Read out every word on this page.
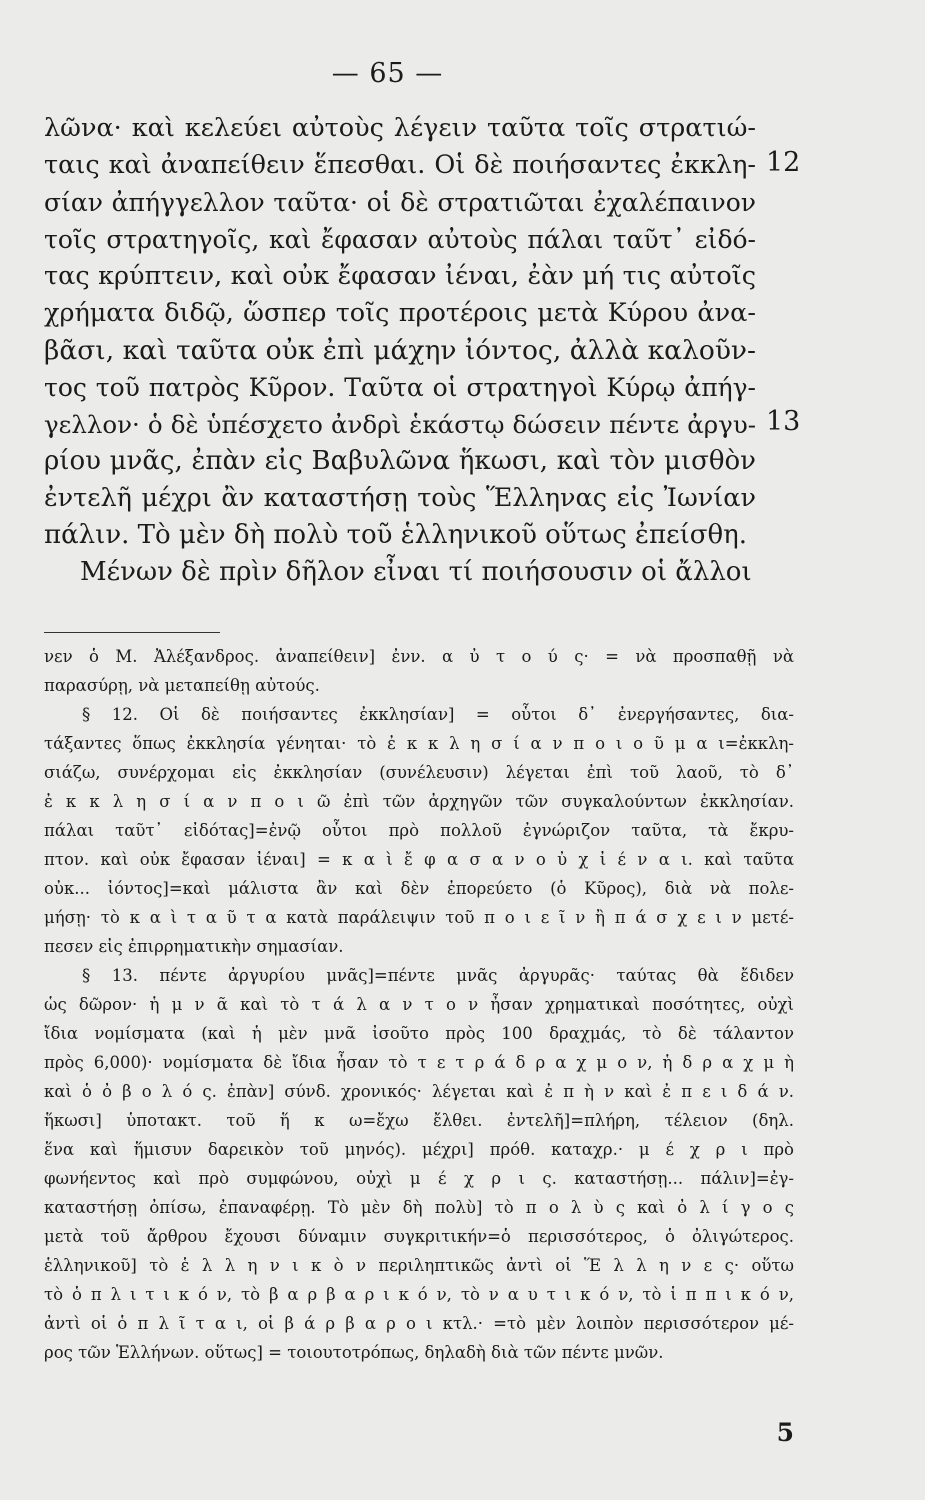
— 65 —
λῶνα· καὶ κελεύει αὐτοὺς λέγειν ταῦτα τοῖς στρατιώ-
ταις καὶ ἀναπείθειν ἕπεσθαι. Οἱ δὲ ποιήσαντες ἐκκλη-
σίαν ἀπήγγελλον ταῦτα· οἱ δὲ στρατιῶται ἐχαλέπαινον
τοῖς στρατηγοῖς, καὶ ἔφασαν αὐτοὺς πάλαι ταῦτ᾽ εἰδό-
τας κρύπτειν, καὶ οὐκ ἔφασαν ἰέναι, ἐὰν μή τις αὐτοῖς
χρήματα διδῷ, ὥσπερ τοῖς προτέροις μετὰ Κύρου ἀνα-
βᾶσι, καὶ ταῦτα οὐκ ἐπὶ μάχην ἰόντος, ἀλλὰ καλοῦν-
τος τοῦ πατρὸς Κῦρον. Ταῦτα οἱ στρατηγοὶ Κύρῳ ἀπήγ-
γελλον· ὁ δὲ ὑπέσχετο ἀνδρὶ ἑκάστῳ δώσειν πέντε ἀργυ-
ρίου μνᾶς, ἐπὰν εἰς Βαβυλῶνα ἥκωσι, καὶ τὸν μισθὸν
ἐντελῆ μέχρι ἂν καταστήσῃ τοὺς Ἕλληνας εἰς Ἰωνίαν
πάλιν. Τὸ μὲν δὴ πολὺ τοῦ ἑλληνικοῦ οὕτως ἐπείσθη.
Μένων δὲ πρὶν δῆλον εἶναι τί ποιήσουσιν οἱ ἄλλοι
12
13
νεν ὁ Μ. Ἀλέξανδρος. ἀναπείθειν] ἐνν. α ὐ τ ο ύ ς· = νὰ προσπαθῇ νὰ
παρασύρῃ, νὰ μεταπείθῃ αὐτούς.
§ 12. Οἱ δὲ ποιήσαντες ἐκκλησίαν] = οὗτοι δ᾽ ἐνεργήσαντες, δια-
τάξαντες ὅπως ἐκκλησία γένηται· τὸ ἐ κ κ λ η σ ί α ν π ο ι ο ῦ μ α ι=ἐκκλη-
σιάζω, συνέρχομαι εἰς ἐκκλησίαν (συνέλευσιν) λέγεται ἐπὶ τοῦ λαοῦ, τὸ δ᾽
ἐ κ κ λ η σ ί α ν π ο ι ῶ ἐπὶ τῶν ἀρχηγῶν τῶν συγκαλούντων ἐκκλησίαν.
πάλαι ταῦτ᾽ εἰδότας]=ἐνῷ οὗτοι πρὸ πολλοῦ ἐγνώριζον ταῦτα, τὰ ἔκρυ-
πτον. καὶ οὐκ ἔφασαν ἰέναι] = κ α ὶ ἔ φ α σ α ν ο ὐ χ ἰ έ ν α ι. καὶ ταῦτα
οὐκ... ἰόντος]=καὶ μάλιστα ἂν καὶ δὲν ἐπορεύετο (ὁ Κῦρος), διὰ νὰ πολε-
μήσῃ· τὸ κ α ὶ τ α ῦ τ α κατὰ παράλειψιν τοῦ π ο ι ε ῖ ν ἢ π ά σ χ ε ι ν μετέ-
πεσεν εἰς ἐπιρρηματικὴν σημασίαν.
§ 13. πέντε ἀργυρίου μνᾶς]=πέντε μνᾶς ἀργυρᾶς· ταύτας θὰ ἔδιδεν
ὡς δῶρον· ἡ μ ν ᾶ καὶ τὸ τ ά λ α ν τ ο ν ἦσαν χρηματικαὶ ποσότητες, οὐχὶ
ἴδια νομίσματα (καὶ ἡ μὲν μνᾶ ἰσοῦτο πρὸς 100 δραχμάς, τὸ δὲ τάλαντον
πρὸς 6,000)· νομίσματα δὲ ἴδια ἦσαν τὸ τ ε τ ρ ά δ ρ α χ μ ο ν, ἡ δ ρ α χ μ ὴ
καὶ ὁ ὀ β ο λ ό ς. ἐπὰν] σύνδ. χρονικός· λέγεται καὶ ἐ π ὴ ν καὶ ἐ π ε ι δ ά ν.
ἥκωσι] ὑποτακτ. τοῦ ἥ κ ω=ἔχω ἔλθει. ἐντελῆ]=πλήρη, τέλειον (δηλ.
ἕνα καὶ ἥμισυν δαρεικὸν τοῦ μηνός). μέχρι] πρόθ. καταχρ.· μ έ χ ρ ι πρὸ
φωνήεντος καὶ πρὸ συμφώνου, οὐχὶ μ έ χ ρ ι ς. καταστήσῃ... πάλιν]=ἐγ-
καταστήσῃ ὀπίσω, ἐπαναφέρῃ. Τὸ μὲν δὴ πολὺ] τὸ π ο λ ὺ ς καὶ ὀ λ ί γ ο ς
μετὰ τοῦ ἄρθρου ἔχουσι δύναμιν συγκριτικήν=ὁ περισσότερος, ὁ ὀλιγώτερος.
ἑλληνικοῦ] τὸ ἑ λ λ η ν ι κ ὸ ν περιληπτικῶς ἀντὶ οἱ Ἕ λ λ η ν ε ς· οὕτω
τὸ ὁ π λ ι τ ι κ ό ν, τὸ β α ρ β α ρ ι κ ό ν, τὸ ν α υ τ ι κ ό ν, τὸ ἱ π π ι κ ό ν,
ἀντὶ οἱ ὁ π λ ῖ τ α ι, οἱ β ά ρ β α ρ ο ι κτλ.· =τὸ μὲν λοιπὸν περισσότερον μέ-
ρος τῶν Ἑλλήνων. οὕτως] = τοιουτοτρόπως, δηλαδὴ διὰ τῶν πέντε μνῶν.
5
